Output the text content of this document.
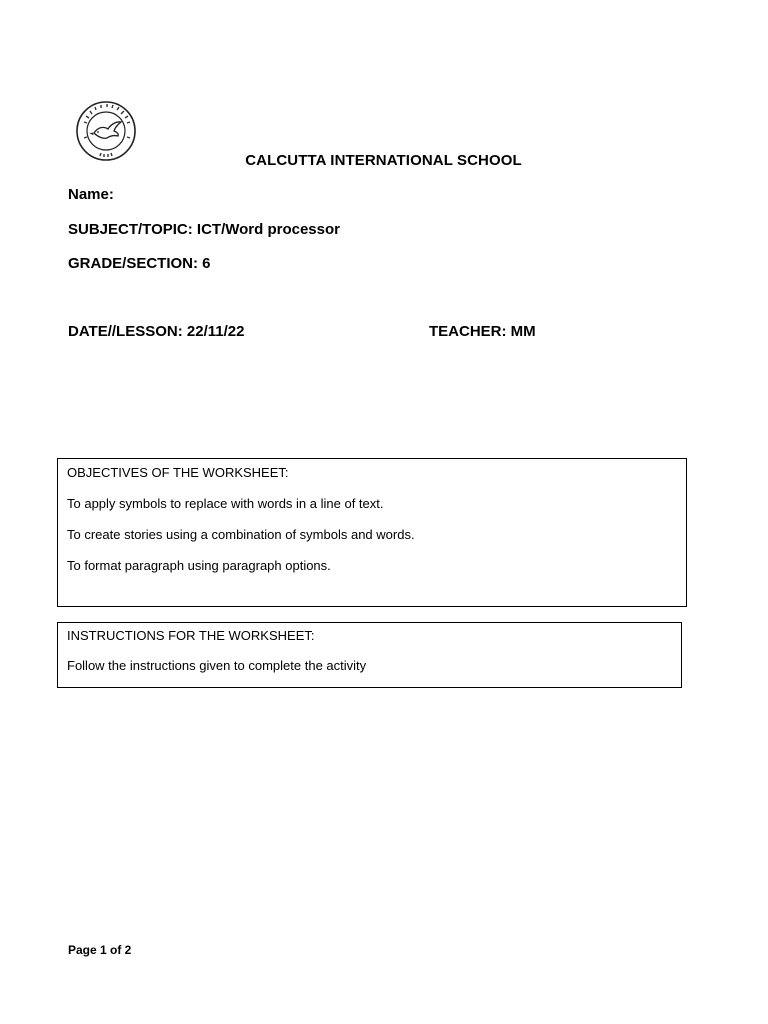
CALCUTTA INTERNATIONAL SCHOOL
Name:
SUBJECT/TOPIC: ICT/Word processor
GRADE/SECTION: 6
DATE//LESSON: 22/11/22	TEACHER: MM
OBJECTIVES OF THE WORKSHEET:
To apply symbols to replace with words in a line of text.
To create stories using a combination of symbols and words.
To format paragraph using paragraph options.
INSTRUCTIONS FOR THE WORKSHEET:
Follow the instructions given to complete the activity
Page 1 of 2
